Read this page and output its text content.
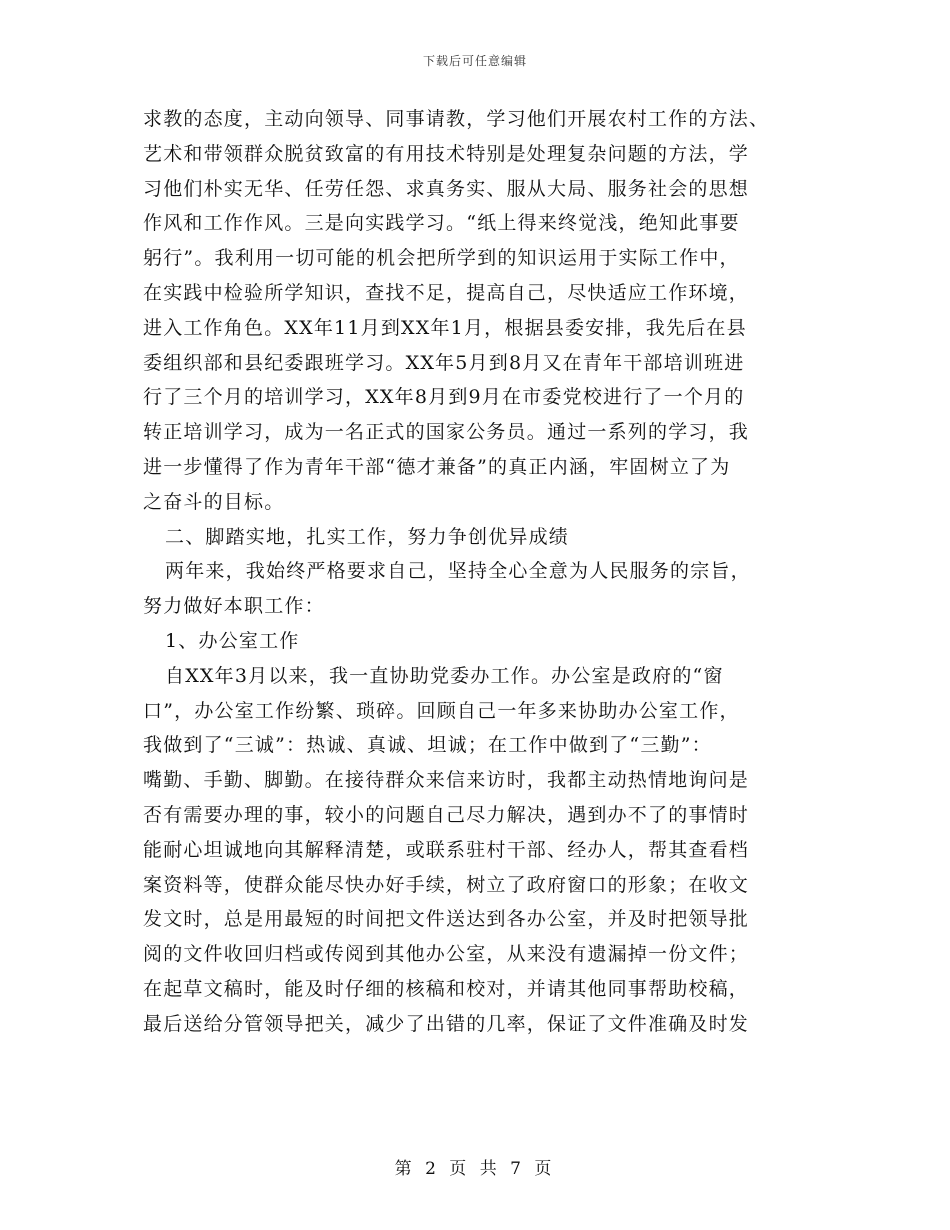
下载后可任意编辑
求教的态度，主动向领导、同事请教，学习他们开展农村工作的方法、
艺术和带领群众脱贫致富的有用技术特别是处理复杂问题的方法，学
习他们朴实无华、任劳任怨、求真务实、服从大局、服务社会的思想
作风和工作作风。三是向实践学习。“纸上得来终觉浅，绝知此事要
躬行”。我利用一切可能的机会把所学到的知识运用于实际工作中，
在实践中检验所学知识，查找不足，提高自己，尽快适应工作环境，
进入工作角色。XX年11月到XX年1月，根据县委安排，我先后在县
委组织部和县纪委跟班学习。XX年5月到8月又在青年干部培训班进
行了三个月的培训学习，XX年8月到9月在市委党校进行了一个月的
转正培训学习，成为一名正式的国家公务员。通过一系列的学习，我
进一步懂得了作为青年干部“德才兼备”的真正内涵，牢固树立了为
之奋斗的目标。
二、脚踏实地，扎实工作，努力争创优异成绩
两年来，我始终严格要求自己，坚持全心全意为人民服务的宗旨，
努力做好本职工作：
1、办公室工作
自XX年3月以来，我一直协助党委办工作。办公室是政府的“窗
口”，办公室工作纷繁、琐碎。回顾自己一年多来协助办公室工作，
我做到了“三诚”：热诚、真诚、坦诚；在工作中做到了“三勤”：
嘴勤、手勤、脚勤。在接待群众来信来访时，我都主动热情地询问是
否有需要办理的事，较小的问题自己尽力解决，遇到办不了的事情时
能耐心坦诚地向其解释清楚，或联系驻村干部、经办人，帮其查看档
案资料等，使群众能尽快办好手续，树立了政府窗口的形象；在收文
发文时，总是用最短的时间把文件送达到各办公室，并及时把领导批
阅的文件收回归档或传阅到其他办公室，从来没有遗漏掉一份文件；
在起草文稿时，能及时仔细的核稿和校对，并请其他同事帮助校稿，
最后送给分管领导把关，减少了出错的几率，保证了文件准确及时发
第 2 页 共 7 页
